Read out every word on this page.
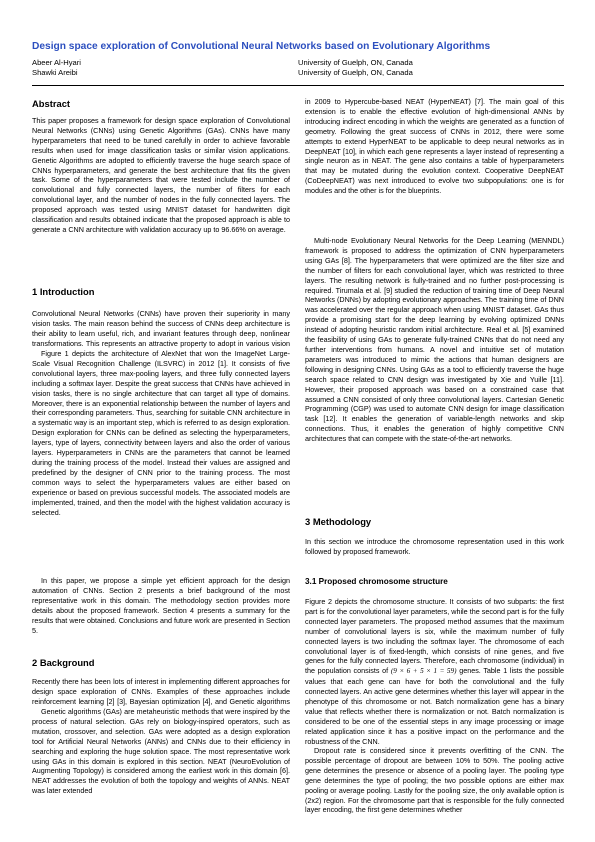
Design space exploration of Convolutional Neural Networks based on Evolutionary Algorithms
Abeer Al-Hyari	University of Guelph, ON, Canada
Shawki Areibi	University of Guelph, ON, Canada
Abstract

This paper proposes a framework for design space exploration of Convolutional Neural Networks (CNNs) using Genetic Algorithms (GAs). CNNs have many hyperparameters that need to be tuned carefully in order to achieve favorable results when used for image classification tasks or similar vision applications. Genetic Algorithms are adopted to efficiently traverse the huge search space of CNNs hyperparameters, and generate the best architecture that fits the given task. Some of the hyperparameters that were tested include the number of convolutional and fully connected layers, the number of filters for each convolutional layer, and the number of nodes in the fully connected layers. The proposed approach was tested using MNIST dataset for handwritten digit classification and results obtained indicate that the proposed approach is able to generate a CNN architecture with validation accuracy up to 96.66% on average.

1 Introduction

Convolutional Neural Networks (CNNs) have proven their superiority in many vision tasks. The main reason behind the success of CNNs deep architecture is their ability to learn useful, rich, and invariant features through deep, nonlinear transformations. This represents an attractive property to adopt in various vision

Figure 1 depicts the architecture of AlexNet that won the ImageNet Large-Scale Visual Recognition Challenge (ILSVRC) in 2012 [1]. It consists of five convolutional layers, three max-pooling layers, and three fully connected layers including a softmax layer. Despite the great success that CNNs have achieved in vision tasks, there is no single architecture that can target all type of domains. Moreover, there is an exponential relationship between the number of layers and their corresponding parameters. Thus, searching for suitable CNN architecture in a systematic way is an important step, which is referred to as design exploration. Design exploration for CNNs can be defined as selecting the hyperparameters, layers, type of layers, connectivity between layers and also the order of various layers. Hyperparameters in CNNs are the parameters that cannot be learned during the training process of the model. Instead their values are assigned and predefined by the designer of CNN prior to the training process. The most common ways to select the hyperparameters values are either based on experience or based on previous successful models. The associated models are implemented, trained, and then the model with the highest validation accuracy is selected.

In this paper, we propose a simple yet efficient approach for the design automation of CNNs. Section 2 presents a brief background of the most representative work in this domain. The methodology section provides more details about the proposed framework. Section 4 presents a summary for the results that were obtained. Conclusions and future work are presented in Section 5.

2 Background

Recently there has been lots of interest in implementing different approaches for design space exploration of CNNs. Examples of these approaches include reinforcement learning [2] [3], Bayesian optimization [4], and Genetic algorithms

Genetic algorithms (GAs) are metaheuristic methods that were inspired by the process of natural selection. GAs rely on biology-inspired operators, such as mutation, crossover, and selection. GAs were adopted as a design exploration tool for Artificial Neural Networks (ANNs) and CNNs due to their efficiency in searching and exploring the huge solution space. The most representative work using GAs in this domain is explored in this section. NEAT (NeuroEvolution of Augmenting Topology) is considered among the earliest work in this domain [6]. NEAT addresses the evolution of both the topology and weights of ANNs. NEAT was later extended

in 2009 to Hypercube-based NEAT (HyperNEAT) [7]. The main goal of this extension is to enable the effective evolution of high-dimensional ANNs by introducing indirect encoding in which the weights are generated as a function of geometry. Following the great success of CNNs in 2012, there were some attempts to extend HyperNEAT to be applicable to deep neural networks as in DeepNEAT [10], in which each gene represents a layer instead of representing a single neuron as in NEAT. The gene also contains a table of hyperparameters that may be mutated during the evolution context. Cooperative DeepNEAT (CoDeepNEAT) was next introduced to evolve two subpopulations: one is for modules and the other is for the blueprints.

Multi-node Evolutionary Neural Networks for the Deep Learning (MENNDL) framework is proposed to address the optimization of CNN hyperparameters using GAs [8]. The hyperparameters that were optimized are the filter size and the number of filters for each convolutional layer, which was restricted to three layers. The resulting network is fully-trained and no further post-processing is required. Tirumala et al. [9] studied the reduction of training time of Deep Neural Networks (DNNs) by adopting evolutionary approaches. The training time of DNN was accelerated over the regular approach when using MNIST dataset. GAs thus provide a promising start for the deep learning by evolving optimized DNNs instead of adopting heuristic random initial architecture. Real et al. [5] examined the feasibility of using GAs to generate fully-trained CNNs that do not need any further interventions from humans. A novel and intuitive set of mutation parameters was introduced to mimic the actions that human designers are following in designing CNNs. Using GAs as a tool to efficiently traverse the huge search space related to CNN design was investigated by Xie and Yuille [11]. However, their proposed approach was based on a constrained case that assumed a CNN consisted of only three convolutional layers. Cartesian Genetic Programming (CGP) was used to automate CNN design for image classification task [12]. It enables the generation of variable-length networks and skip connections. Thus, it enables the generation of highly competitive CNN architectures that can compete with the state-of-the-art networks.

3 Methodology

In this section we introduce the chromosome representation used in this work followed by proposed framework.

3.1 Proposed chromosome structure

Figure 2 depicts the chromosome structure. It consists of two subparts: the first part is for the convolutional layer parameters, while the second part is for the fully connected layer parameters. The proposed method assumes that the maximum number of convolutional layers is six, while the maximum number of fully connected layers is two including the softmax layer. The chromosome of each convolutional layer is of fixed-length, which consists of nine genes, and five genes for the fully connected layers. Therefore, each chromosome (individual) in the population consists of (9 × 6 + 5 × 1 = 59) genes. Table 1 lists the possible values that each gene can have for both the convolutional and the fully connected layers. An active gene determines whether this layer will appear in the phenotype of this chromosome or not. Batch normalization gene has a binary value that reflects whether there is normalization or not. Batch normalization is considered to be one of the essential steps in any image processing or image related application since it has a positive impact on the performance and the robustness of the CNN.

Dropout rate is considered since it prevents overfitting of the CNN. The possible percentage of dropout are between 10% to 50%. The pooling active gene determines the presence or absence of a pooling layer. The pooling type gene determines the type of pooling; the two possible options are either max pooling or average pooling. Lastly for the pooling size, the only available option is (2x2) region. For the chromosome part that is responsible for the fully connected layer encoding, the first gene determines whether
